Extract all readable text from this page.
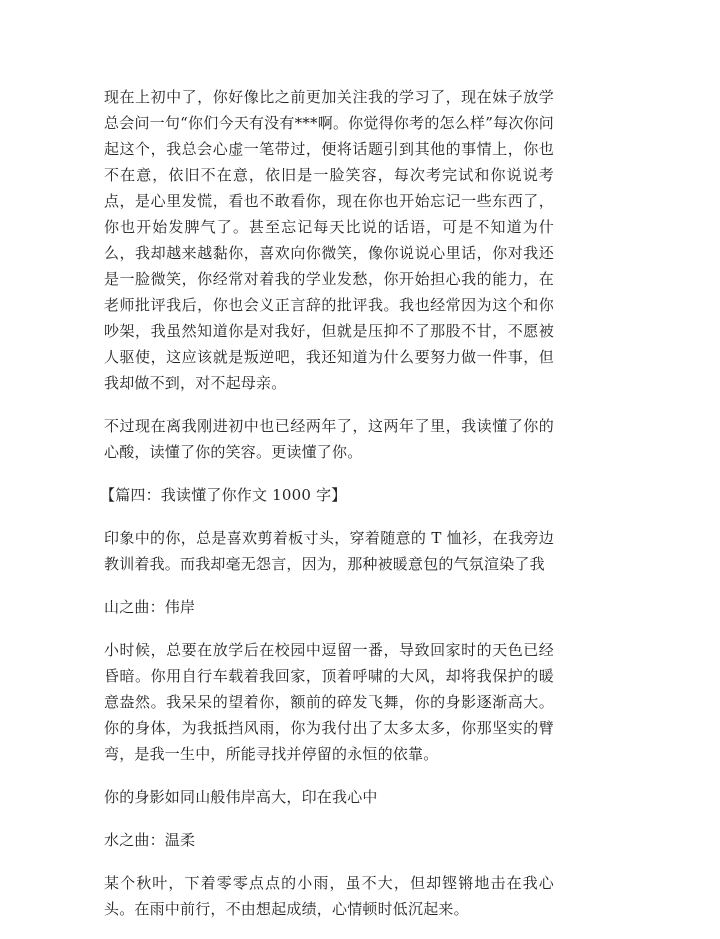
现在上初中了，你好像比之前更加关注我的学习了，现在妹子放学总会问一句“你们今天有没有***啊。你觉得你考的怎么样”每次你问起这个，我总会心虚一笔带过，便将话题引到其他的事情上，你也不在意，依旧不在意，依旧是一脸笑容，每次考完试和你说说考点，是心里发慌，看也不敢看你，现在你也开始忘记一些东西了，你也开始发脾气了。甚至忘记每天比说的话语，可是不知道为什么，我却越来越黏你，喜欢向你微笑，像你说说心里话，你对我还是一脸微笑，你经常对着我的学业发愁，你开始担心我的能力，在老师批评我后，你也会义正言辞的批评我。我也经常因为这个和你吵架，我虽然知道你是对我好，但就是压抑不了那股不甘，不愿被人驱使，这应该就是叛逆吧，我还知道为什么要努力做一件事，但我却做不到，对不起母亲。

不过现在离我刚进初中也已经两年了，这两年了里，我读懂了你的心酸，读懂了你的笑容。更读懂了你。

【篇四：我读懂了你作文 1000 字】

印象中的你，总是喜欢剪着板寸头，穿着随意的 T 恤衫，在我旁边教训着我。而我却毫无怨言，因为，那种被暖意包的气氛渲染了我

山之曲：伟岸

小时候，总要在放学后在校园中逗留一番，导致回家时的天色已经昏暗。你用自行车载着我回家，顶着呼啸的大风，却将我保护的暖意盎然。我呆呆的望着你，额前的碎发飞舞，你的身影逐渐高大。你的身体，为我抵挡风雨，你为我付出了太多太多，你那坚实的臂弯，是我一生中，所能寻找并停留的永恒的依靠。

你的身影如同山般伟岸高大，印在我心中

水之曲：温柔

某个秋叶，下着零零点点的小雨，虽不大，但却铿锵地击在我心头。在雨中前行，不由想起成绩，心情顿时低沉起来。
